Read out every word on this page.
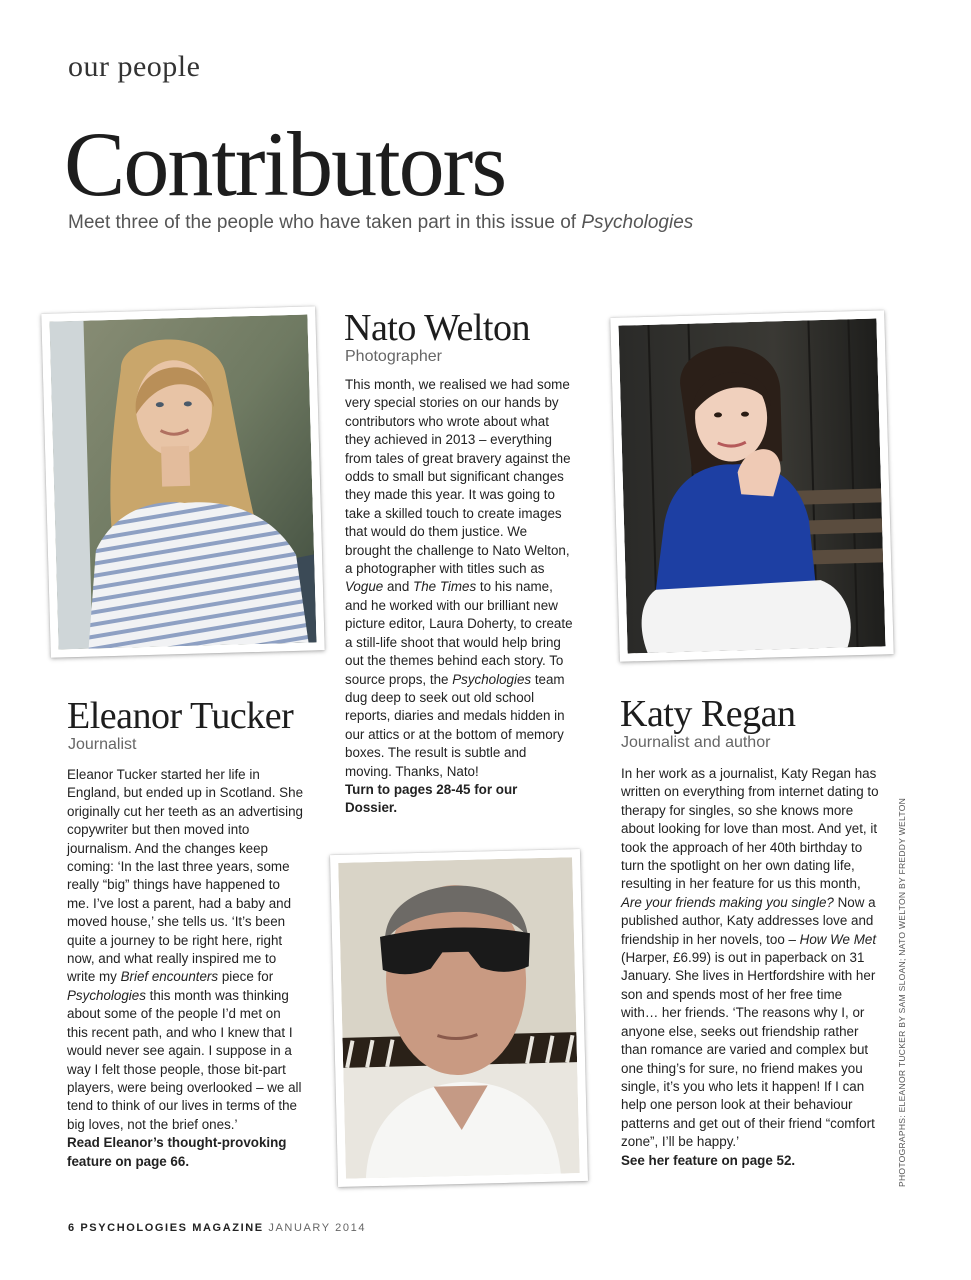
our people
Contributors
Meet three of the people who have taken part in this issue of Psychologies
Nato Welton
Photographer
This month, we realised we had some very special stories on our hands by contributors who wrote about what they achieved in 2013 – everything from tales of great bravery against the odds to small but significant changes they made this year. It was going to take a skilled touch to create images that would do them justice. We brought the challenge to Nato Welton, a photographer with titles such as Vogue and The Times to his name, and he worked with our brilliant new picture editor, Laura Doherty, to create a still-life shoot that would help bring out the themes behind each story. To source props, the Psychologies team dug deep to seek out old school reports, diaries and medals hidden in our attics or at the bottom of memory boxes. The result is subtle and moving. Thanks, Nato!
Turn to pages 28-45 for our Dossier.
Eleanor Tucker
Journalist
Eleanor Tucker started her life in England, but ended up in Scotland. She originally cut her teeth as an advertising copywriter but then moved into journalism. And the changes keep coming: ‘In the last three years, some really “big” things have happened to me. I’ve lost a parent, had a baby and moved house,’ she tells us. ‘It’s been quite a journey to be right here, right now, and what really inspired me to write my Brief encounters piece for Psychologies this month was thinking about some of the people I’d met on this recent path, and who I knew that I would never see again. I suppose in a way I felt those people, those bit-part players, were being overlooked – we all tend to think of our lives in terms of the big loves, not the brief ones.’
Read Eleanor’s thought-provoking feature on page 66.
Katy Regan
Journalist and author
In her work as a journalist, Katy Regan has written on everything from internet dating to therapy for singles, so she knows more about looking for love than most. And yet, it took the approach of her 40th birthday to turn the spotlight on her own dating life, resulting in her feature for us this month, Are your friends making you single? Now a published author, Katy addresses love and friendship in her novels, too – How We Met (Harper, £6.99) is out in paperback on 31 January. She lives in Hertfordshire with her son and spends most of her free time with… her friends. ‘The reasons why I, or anyone else, seeks out friendship rather than romance are varied and complex but one thing’s for sure, no friend makes you single, it’s you who lets it happen! If I can help one person look at their behaviour patterns and get out of their friend “comfort zone”, I’ll be happy.’
See her feature on page 52.
6 PSYCHOLOGIES MAGAZINE JANUARY 2014
PHOTOGRAPHS: ELEANOR TUCKER BY SAM SLOAN; NATO WELTON BY FREDDY WELTON
